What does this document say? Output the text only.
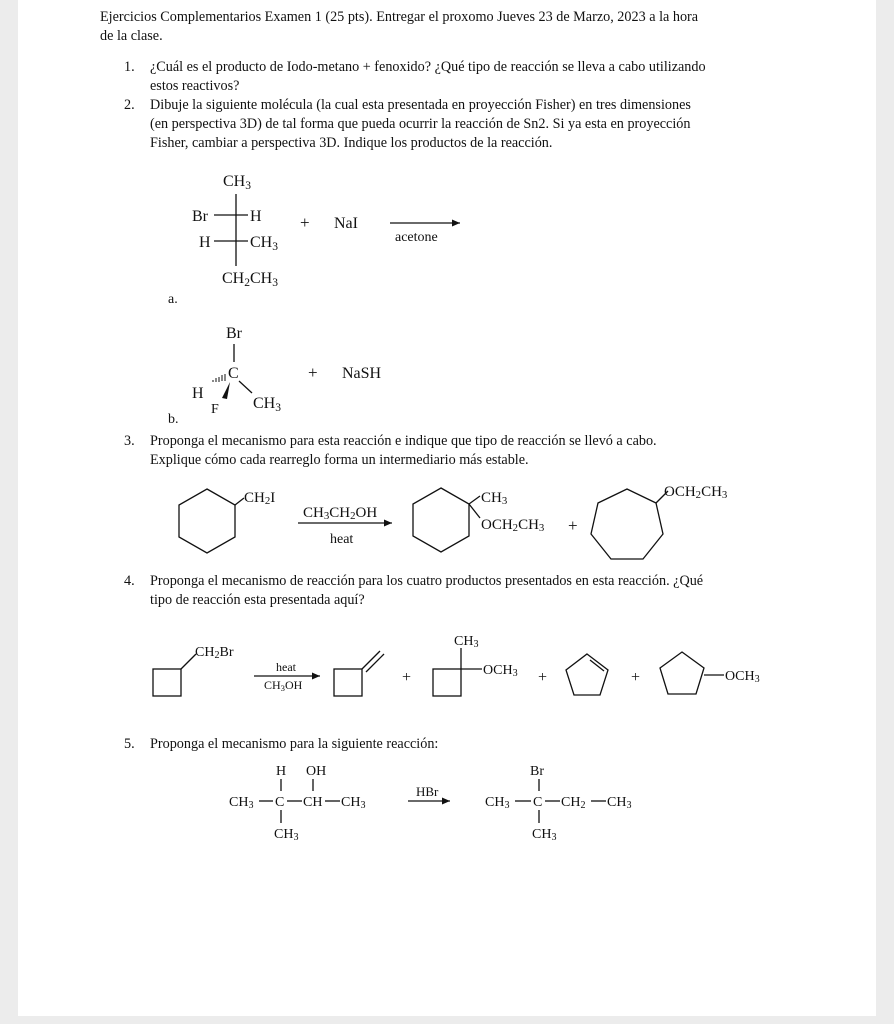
Ejercicios Complementarios Examen 1 (25 pts). Entregar el proxomo Jueves 23 de Marzo, 2023 a la hora
de la clase.
1.	¿Cuál es el producto de Iodo-metano + fenoxido? ¿Qué tipo de reacción se lleva a cabo utilizando
estos reactivos?
2.	Dibuje la siguiente molécula (la cual esta presentada en proyección Fisher) en tres dimensiones
(en perspectiva 3D) de tal forma que pueda ocurrir la reacción de Sn2. Si ya esta en proyección
Fisher, cambiar a perspectiva 3D. Indique los productos de la reacción.
3.	Proponga el mecanismo para esta reacción e indique que tipo de reacción se llevó a cabo.
Explique cómo cada rearreglo forma un intermediario más estable.
4.	Proponga el mecanismo de reacción para los cuatro productos presentados en esta reacción. ¿Qué
tipo de reacción esta presentada aquí?
5.	Proponga el mecanismo para la siguiente reacción:
a.
b.
CH3
Br	H
H CH3
CH2CH3
+ NaI
acetone
Br
C
H
F CH3
+ NaSH
CH2I
CH3CH2OH
heat
CH3
OCH2CH3 +
OCH2CH3
CH2Br
heat
CH3OH	+
CH3
OCH3 +	+	OCH3
H OH
CH3 C CH CH3
CH3
HBr
Br
CH3 C CH2 CH3
CH3
